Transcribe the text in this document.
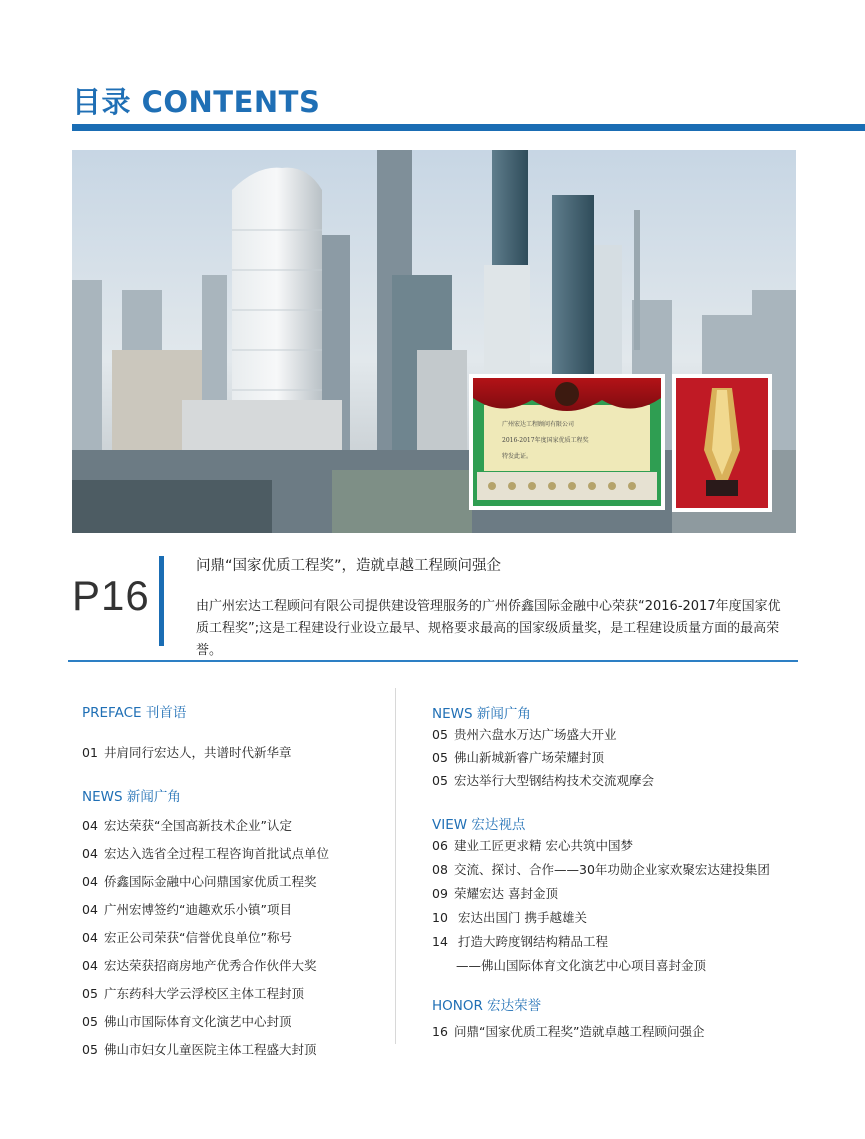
目录 CONTENTS
广州宏达工程顾问有限公司
2016-2017年度国家优质工程奖
特发此证。
P16
问鼎“国家优质工程奖”，造就卓越工程顾问强企
由广州宏达工程顾问有限公司提供建设管理服务的广州侨鑫国际金融中心荣获“2016-2017年度国家优质工程奖”;这是工程建设行业设立最早、规格要求最高的国家级质量奖，是工程建设质量方面的最高荣誉。
PREFACE 刊首语
01 井肩同行宏达人，共谱时代新华章
NEWS 新闻广角
04 宏达荣获“全国高新技术企业”认定
04 宏达入选省全过程工程咨询首批试点单位
04 侨鑫国际金融中心问鼎国家优质工程奖
04 广州宏博签约“迪趣欢乐小镇”项目
04 宏正公司荣获“信誉优良单位”称号
04 宏达荣获招商房地产优秀合作伙伴大奖
05 广东药科大学云浮校区主体工程封顶
05 佛山市国际体育文化演艺中心封顶
05 佛山市妇女儿童医院主体工程盛大封顶
NEWS 新闻广角
05 贵州六盘水万达广场盛大开业
05 佛山新城新睿广场荣耀封顶
05 宏达举行大型钢结构技术交流观摩会
VIEW 宏达视点
06 建业工匠更求精 宏心共筑中国梦
08 交流、探讨、合作——30年功勋企业家欢聚宏达建投集团
09 荣耀宏达 喜封金顶
10 宏达出国门 携手越雄关
14 打造大跨度钢结构精品工程
——佛山国际体育文化演艺中心项目喜封金顶
HONOR 宏达荣誉
16 问鼎“国家优质工程奖”造就卓越工程顾问强企
